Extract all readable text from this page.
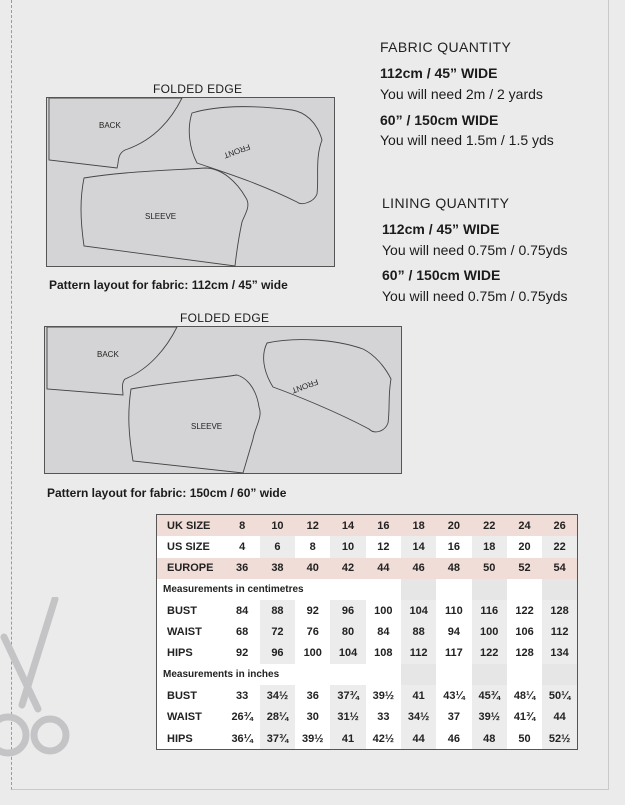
FABRIC QUANTITY
112cm / 45” WIDE
You will need 2m / 2 yards
60” / 150cm WIDE
You will need 1.5m / 1.5 yds
LINING QUANTITY
112cm / 45” WIDE
You will need 0.75m / 0.75yds
60” / 150cm WIDE
You will need 0.75m / 0.75yds
FOLDED EDGE
BACK
FRONT
SLEEVE
Pattern layout for fabric: 112cm / 45” wide
FOLDED EDGE
BACK
FRONT
SLEEVE
Pattern layout for fabric: 150cm / 60” wide
UK SIZE	8	10	12	14	16	18	20	22	24	26
US SIZE	4	6	8	10	12	14	16	18	20	22
EUROPE	36	38	40	42	44	46	48	50	52	54
Measurements in centimetres										
BUST	84	88	92	96	100	104	110	116	122	128
WAIST	68	72	76	80	84	88	94	100	106	112
HIPS	92	96	100	104	108	112	117	122	128	134
Measurements in inches										
BUST	33	34½	36	37¾	39½	41	43¼	45¾	48¼	50¼
WAIST	26¾	28¼	30	31½	33	34½	37	39½	41¾	44
HIPS	36¼	37¾	39½	41	42½	44	46	48	50	52½
